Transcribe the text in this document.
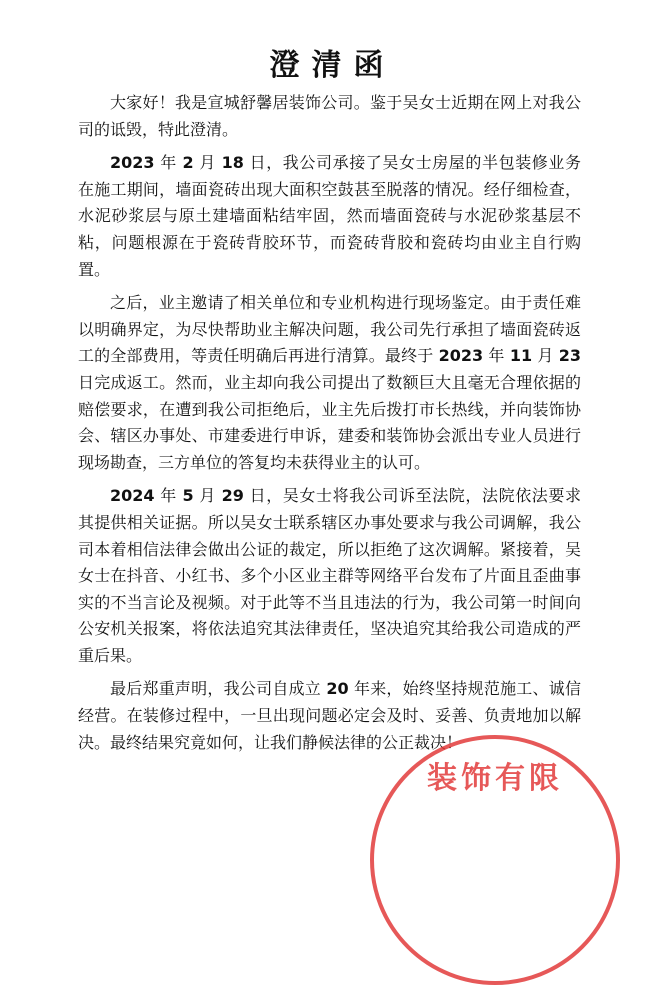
澄清函

大家好！我是宣城舒馨居装饰公司。鉴于吴女士近期在网上对我公司的诋毁，特此澄清。

2023 年 2 月 18 日，我公司承接了吴女士房屋的半包装修业务在施工期间，墙面瓷砖出现大面积空鼓甚至脱落的情况。经仔细检查，水泥砂浆层与原土建墙面粘结牢固，然而墙面瓷砖与水泥砂浆基层不粘，问题根源在于瓷砖背胶环节，而瓷砖背胶和瓷砖均由业主自行购置。

之后，业主邀请了相关单位和专业机构进行现场鉴定。由于责任难以明确界定，为尽快帮助业主解决问题，我公司先行承担了墙面瓷砖返工的全部费用，等责任明确后再进行清算。最终于 2023 年 11 月 23 日完成返工。然而，业主却向我公司提出了数额巨大且毫无合理依据的赔偿要求，在遭到我公司拒绝后，业主先后拨打市长热线，并向装饰协会、辖区办事处、市建委进行申诉，建委和装饰协会派出专业人员进行现场勘查，三方单位的答复均未获得业主的认可。

2024 年 5 月 29 日，吴女士将我公司诉至法院，法院依法要求其提供相关证据。所以吴女士联系辖区办事处要求与我公司调解，我公司本着相信法律会做出公证的裁定，所以拒绝了这次调解。紧接着，吴女士在抖音、小红书、多个小区业主群等网络平台发布了片面且歪曲事实的不当言论及视频。对于此等不当且违法的行为，我公司第一时间向公安机关报案，将依法追究其法律责任，坚决追究其给我公司造成的严重后果。

最后郑重声明，我公司自成立 20 年来，始终坚持规范施工、诚信经营。在装修过程中，一旦出现问题必定会及时、妥善、负责地加以解决。最终结果究竟如何，让我们静候法律的公正裁决！

装饰有限
